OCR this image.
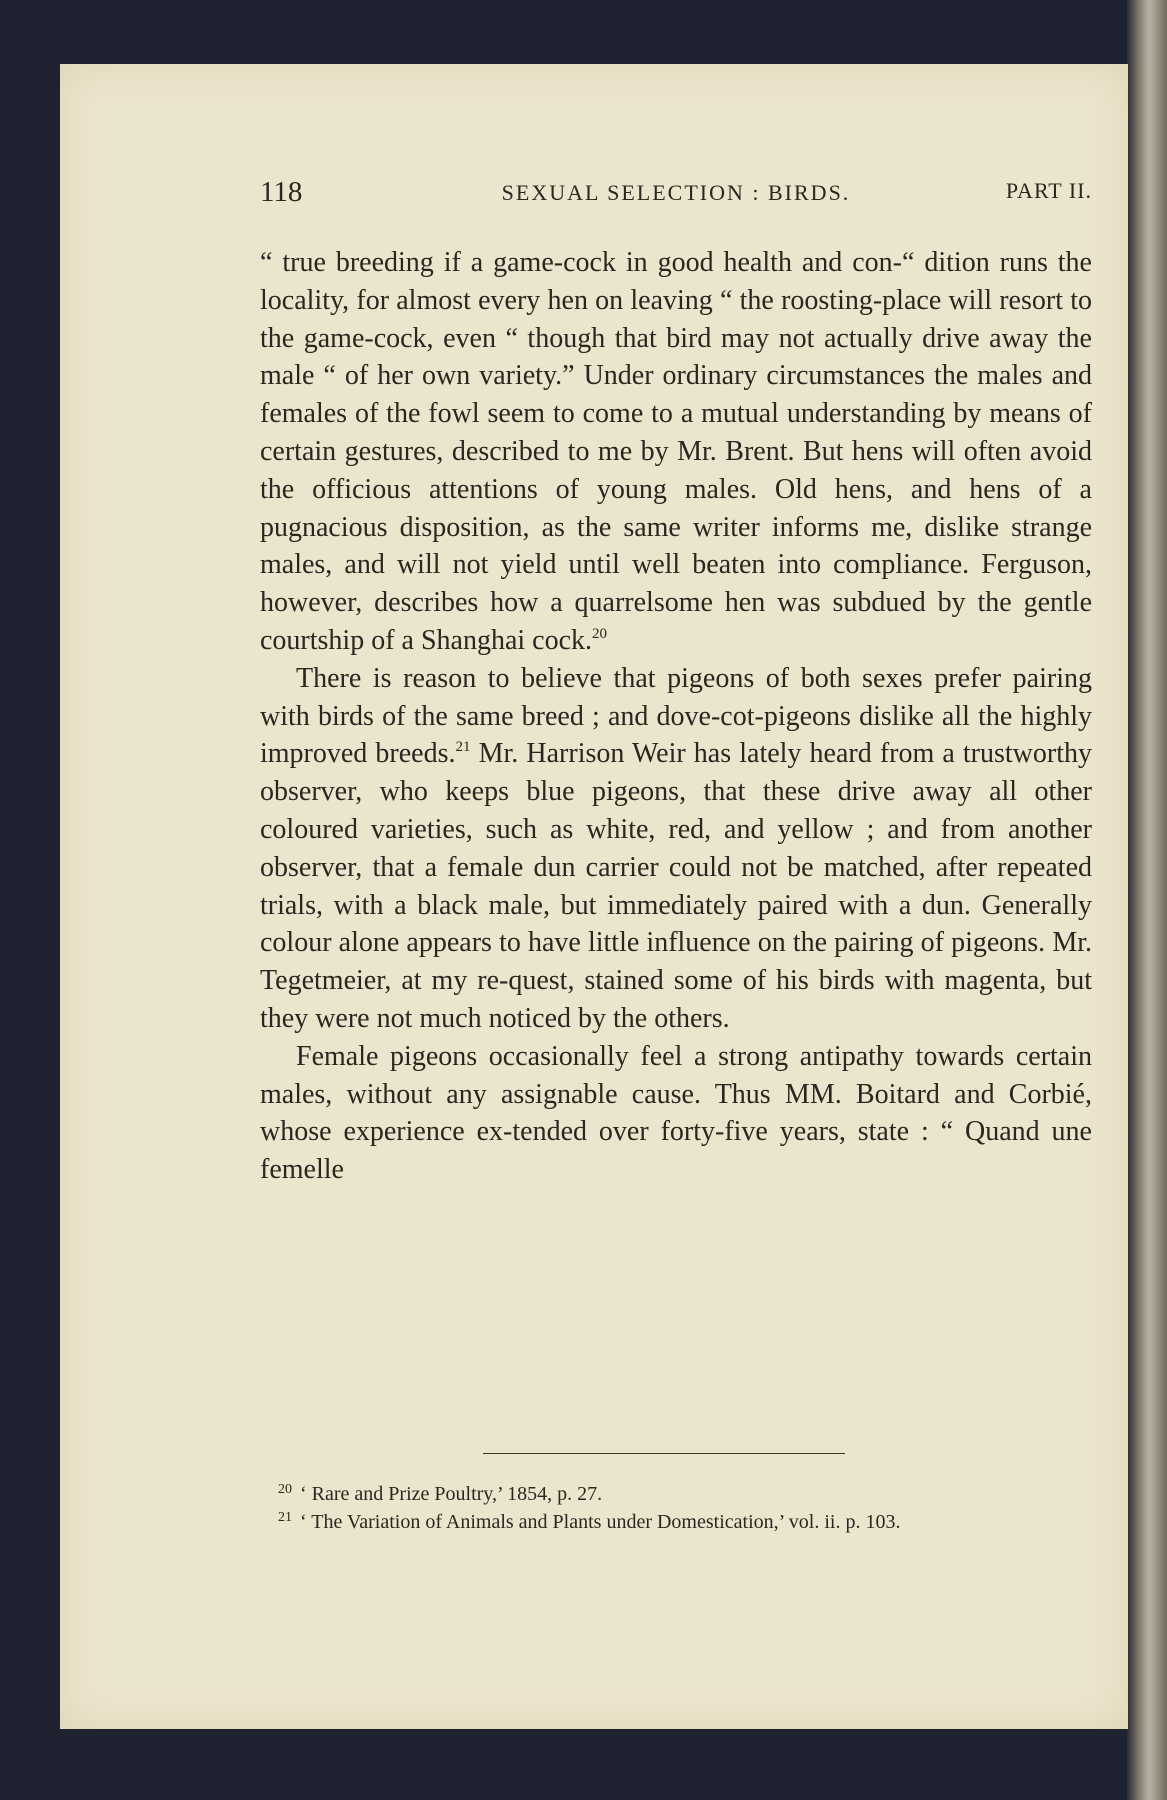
118	SEXUAL SELECTION : BIRDS.	PART II.

“ true breeding if a game-cock in good health and con-“ dition runs the locality, for almost every hen on leaving “ the roosting-place will resort to the game-cock, even “ though that bird may not actually drive away the male “ of her own variety.” Under ordinary circumstances the males and females of the fowl seem to come to a mutual understanding by means of certain gestures, described to me by Mr. Brent. But hens will often avoid the officious attentions of young males. Old hens, and hens of a pugnacious disposition, as the same writer informs me, dislike strange males, and will not yield until well beaten into compliance. Ferguson, however, describes how a quarrelsome hen was subdued by the gentle courtship of a Shanghai cock.$^{20}$

There is reason to believe that pigeons of both sexes prefer pairing with birds of the same breed ; and dove-cot-pigeons dislike all the highly improved breeds.$^{21}$ Mr. Harrison Weir has lately heard from a trustworthy observer, who keeps blue pigeons, that these drive away all other coloured varieties, such as white, red, and yellow ; and from another observer, that a female dun carrier could not be matched, after repeated trials, with a black male, but immediately paired with a dun. Generally colour alone appears to have little influence on the pairing of pigeons. Mr. Tegetmeier, at my re-quest, stained some of his birds with magenta, but they were not much noticed by the others.

Female pigeons occasionally feel a strong antipathy towards certain males, without any assignable cause. Thus MM. Boitard and Corbié, whose experience ex-tended over forty-five years, state : “ Quand une femelle

$^{20}$ ‘ Rare and Prize Poultry,’ 1854, p. 27.

$^{21}$ ‘ The Variation of Animals and Plants under Domestication,’ vol. ii. p. 103.
